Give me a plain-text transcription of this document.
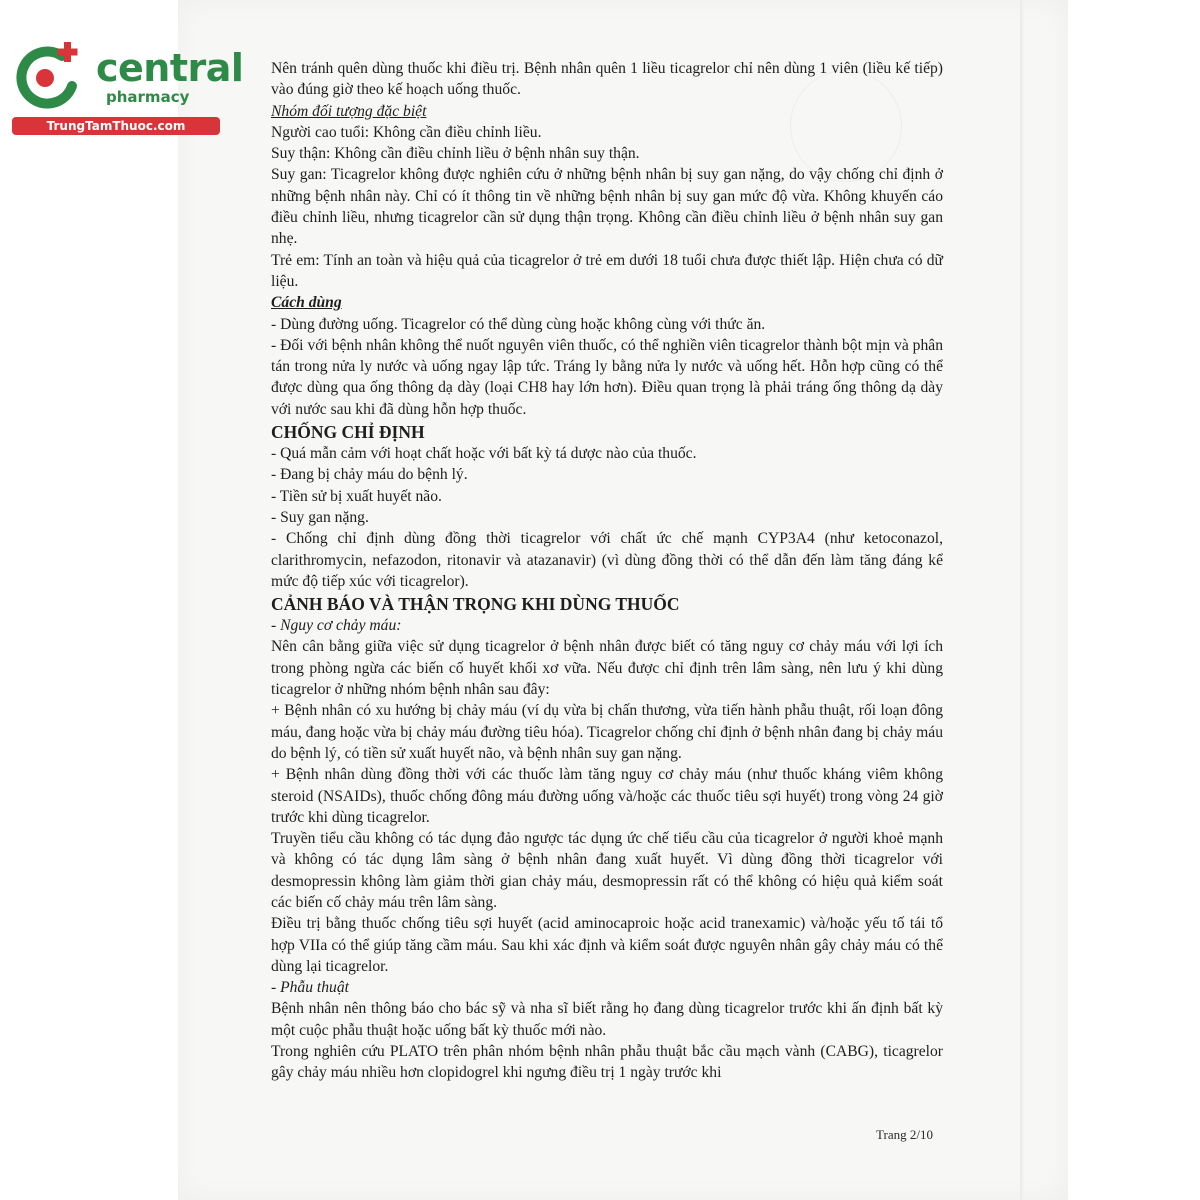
central
pharmacy
TrungTamThuoc.com

Nên tránh quên dùng thuốc khi điều trị. Bệnh nhân quên 1 liều ticagrelor chỉ nên dùng 1 viên (liều kế tiếp) vào đúng giờ theo kế hoạch uống thuốc.

Nhóm đối tượng đặc biệt

Người cao tuổi: Không cần điều chỉnh liều.

Suy thận: Không cần điều chỉnh liều ở bệnh nhân suy thận.

Suy gan: Ticagrelor không được nghiên cứu ở những bệnh nhân bị suy gan nặng, do vậy chống chỉ định ở những bệnh nhân này. Chỉ có ít thông tin về những bệnh nhân bị suy gan mức độ vừa. Không khuyến cáo điều chỉnh liều, nhưng ticagrelor cần sử dụng thận trọng. Không cần điều chỉnh liều ở bệnh nhân suy gan nhẹ.

Trẻ em: Tính an toàn và hiệu quả của ticagrelor ở trẻ em dưới 18 tuổi chưa được thiết lập. Hiện chưa có dữ liệu.

Cách dùng

- Dùng đường uống. Ticagrelor có thể dùng cùng hoặc không cùng với thức ăn.

- Đối với bệnh nhân không thể nuốt nguyên viên thuốc, có thể nghiền viên ticagrelor thành bột mịn và phân tán trong nửa ly nước và uống ngay lập tức. Tráng ly bằng nửa ly nước và uống hết. Hỗn hợp cũng có thể được dùng qua ống thông dạ dày (loại CH8 hay lớn hơn). Điều quan trọng là phải tráng ống thông dạ dày với nước sau khi đã dùng hỗn hợp thuốc.

CHỐNG CHỈ ĐỊNH

- Quá mẫn cảm với hoạt chất hoặc với bất kỳ tá dược nào của thuốc.

- Đang bị chảy máu do bệnh lý.

- Tiền sử bị xuất huyết não.

- Suy gan nặng.

- Chống chỉ định dùng đồng thời ticagrelor với chất ức chế mạnh CYP3A4 (như ketoconazol, clarithromycin, nefazodon, ritonavir và atazanavir) (vì dùng đồng thời có thể dẫn đến làm tăng đáng kể mức độ tiếp xúc với ticagrelor).

CẢNH BÁO VÀ THẬN TRỌNG KHI DÙNG THUỐC

- Nguy cơ chảy máu:

Nên cân bằng giữa việc sử dụng ticagrelor ở bệnh nhân được biết có tăng nguy cơ chảy máu với lợi ích trong phòng ngừa các biến cố huyết khối xơ vữa. Nếu được chỉ định trên lâm sàng, nên lưu ý khi dùng ticagrelor ở những nhóm bệnh nhân sau đây:

+ Bệnh nhân có xu hướng bị chảy máu (ví dụ vừa bị chấn thương, vừa tiến hành phẫu thuật, rối loạn đông máu, đang hoặc vừa bị chảy máu đường tiêu hóa). Ticagrelor chống chỉ định ở bệnh nhân đang bị chảy máu do bệnh lý, có tiền sử xuất huyết não, và bệnh nhân suy gan nặng.

+ Bệnh nhân dùng đồng thời với các thuốc làm tăng nguy cơ chảy máu (như thuốc kháng viêm không steroid (NSAIDs), thuốc chống đông máu đường uống và/hoặc các thuốc tiêu sợi huyết) trong vòng 24 giờ trước khi dùng ticagrelor.

Truyền tiểu cầu không có tác dụng đảo ngược tác dụng ức chế tiểu cầu của ticagrelor ở người khoẻ mạnh và không có tác dụng lâm sàng ở bệnh nhân đang xuất huyết. Vì dùng đồng thời ticagrelor với desmopressin không làm giảm thời gian chảy máu, desmopressin rất có thể không có hiệu quả kiểm soát các biến cố chảy máu trên lâm sàng.

Điều trị bằng thuốc chống tiêu sợi huyết (acid aminocaproic hoặc acid tranexamic) và/hoặc yếu tố tái tổ hợp VIIa có thể giúp tăng cầm máu. Sau khi xác định và kiểm soát được nguyên nhân gây chảy máu có thể dùng lại ticagrelor.

- Phẫu thuật

Bệnh nhân nên thông báo cho bác sỹ và nha sĩ biết rằng họ đang dùng ticagrelor trước khi ấn định bất kỳ một cuộc phẫu thuật hoặc uống bất kỳ thuốc mới nào.

Trong nghiên cứu PLATO trên phân nhóm bệnh nhân phẫu thuật bắc cầu mạch vành (CABG), ticagrelor gây chảy máu nhiều hơn clopidogrel khi ngưng điều trị 1 ngày trước khi

Trang 2/10
